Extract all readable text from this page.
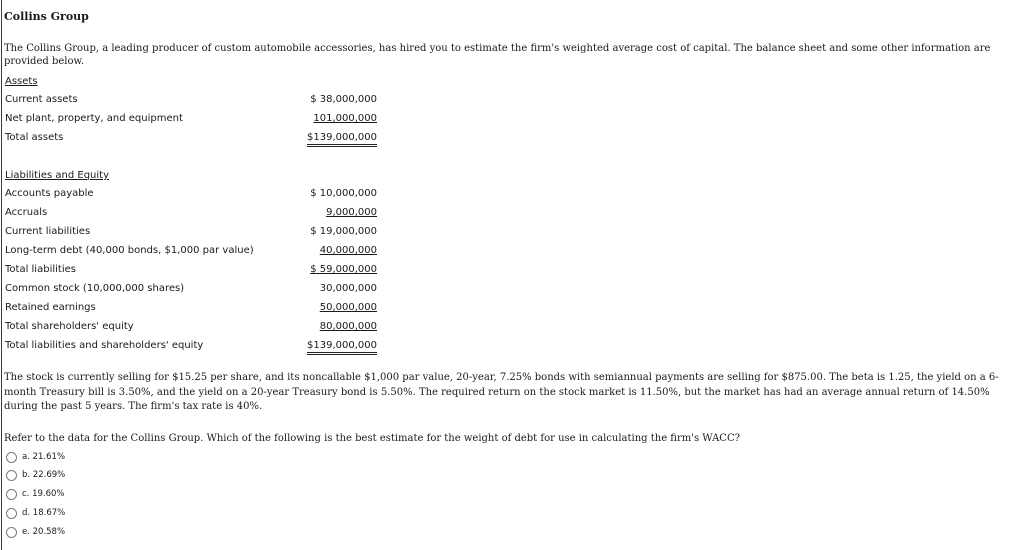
Collins Group
The Collins Group, a leading producer of custom automobile accessories, has hired you to estimate the firm's weighted average cost of capital. The balance sheet and some other information are provided below.
Assets
Current assets	$ 38,000,000
Net plant, property, and equipment	101,000,000
Total assets	$139,000,000
Liabilities and Equity
Accounts payable	$ 10,000,000
Accruals	9,000,000
Current liabilities	$ 19,000,000
Long-term debt (40,000 bonds, $1,000 par value)	40,000,000
Total liabilities	$ 59,000,000
Common stock (10,000,000 shares)	30,000,000
Retained earnings	50,000,000
Total shareholders' equity	80,000,000
Total liabilities and shareholders' equity	$139,000,000
The stock is currently selling for $15.25 per share, and its noncallable $1,000 par value, 20-year, 7.25% bonds with semiannual payments are selling for $875.00. The beta is 1.25, the yield on a 6-month Treasury bill is 3.50%, and the yield on a 20-year Treasury bond is 5.50%. The required return on the stock market is 11.50%, but the market has had an average annual return of 14.50% during the past 5 years. The firm's tax rate is 40%.
Refer to the data for the Collins Group. Which of the following is the best estimate for the weight of debt for use in calculating the firm's WACC?
a. 21.61%
b. 22.69%
c. 19.60%
d. 18.67%
e. 20.58%
